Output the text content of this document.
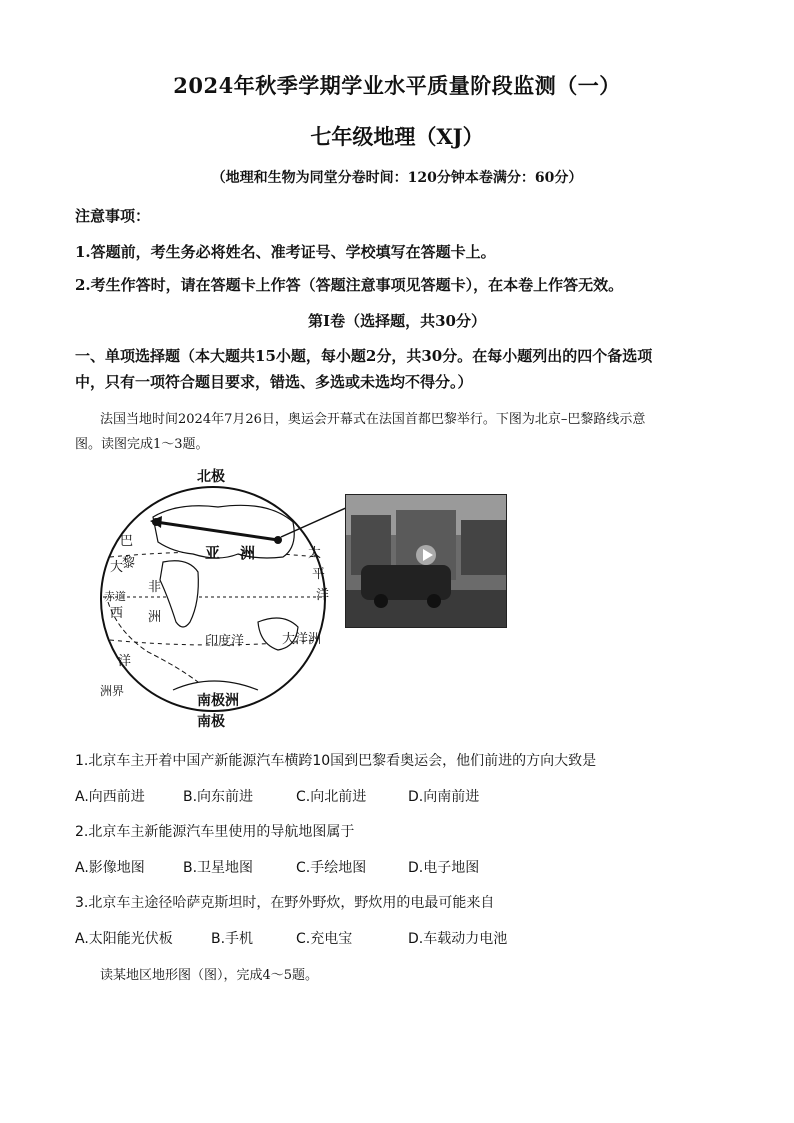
2024年秋季学期学业水平质量阶段监测（一）
七年级地理（XJ）
（地理和生物为同堂分卷时间：120分钟本卷满分：60分）
注意事项：
1.答题前，考生务必将姓名、准考证号、学校填写在答题卡上。
2.考生作答时，请在答题卡上作答（答题注意事项见答题卡），在本卷上作答无效。
第Ⅰ卷（选择题，共30分）
一、单项选择题（本大题共15小题，每小题2分，共30分。在每小题列出的四个备选项
中，只有一项符合题目要求，错选、多选或未选均不得分。）
法国当地时间2024年7月26日，奥运会开幕式在法国首都巴黎举行。下图为北京–巴黎路线示意
图。读图完成1～3题。
北极
南极
南极洲
亚 洲
巴
黎
非
洲
大
西
洋
赤道
印度洋	大洋洲
太
平
洋
洲界
1.北京车主开着中国产新能源汽车横跨10国到巴黎看奥运会，他们前进的方向大致是
A.向西前进	B.向东前进	C.向北前进	D.向南前进
2.北京车主新能源汽车里使用的导航地图属于
A.影像地图	B.卫星地图	C.手绘地图	D.电子地图
3.北京车主途径哈萨克斯坦时，在野外野炊，野炊用的电最可能来自
A.太阳能光伏板	B.手机	C.充电宝	D.车载动力电池
读某地区地形图（图），完成4～5题。
